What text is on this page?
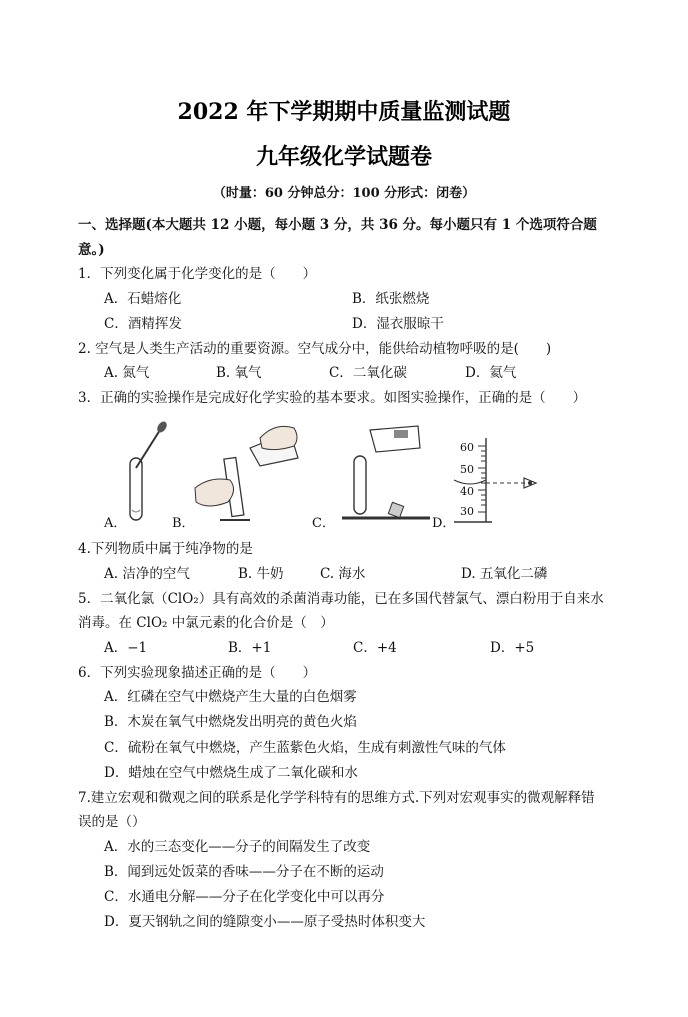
2022 年下学期期中质量监测试题
九年级化学试题卷
（时量：60 分钟总分：100 分形式：闭卷）
一、选择题(本大题共 12 小题，每小题 3 分，共 36 分。每小题只有 1 个选项符合题
意。)
1．下列变化属于化学变化的是（　　）
A．石蜡熔化	B．纸张燃烧
C．酒精挥发	D．湿衣服晾干
2. 空气是人类生产活动的重要资源。空气成分中，能供给动植物呼吸的是(　　)
A. 氮气	B. 氧气	C．二氧化碳	D．氦气
3．正确的实验操作是完成好化学实验的基本要求。如图实验操作，正确的是（　　）
A．	B．	C．
60
50
40
30
D．
4.下列物质中属于纯净物的是
A. 洁净的空气	B. 牛奶	C. 海水	D. 五氧化二磷
5．二氧化氯（ClO₂）具有高效的杀菌消毒功能，已在多国代替氯气、漂白粉用于自来水
消毒。在 ClO₂ 中氯元素的化合价是（　）
A．−1	B．+1	C．+4	D．+5
6．下列实验现象描述正确的是（　　）
A．红磷在空气中燃烧产生大量的白色烟雾
B．木炭在氧气中燃烧发出明亮的黄色火焰
C．硫粉在氧气中燃烧，产生蓝紫色火焰，生成有刺激性气味的气体
D．蜡烛在空气中燃烧生成了二氧化碳和水
7.建立宏观和微观之间的联系是化学学科特有的思维方式.下列对宏观事实的微观解释错
误的是（）
A．水的三态变化——分子的间隔发生了改变
B．闻到远处饭菜的香味——分子在不断的运动
C．水通电分解——分子在化学变化中可以再分
D．夏天钢轨之间的缝隙变小——原子受热时体积变大
